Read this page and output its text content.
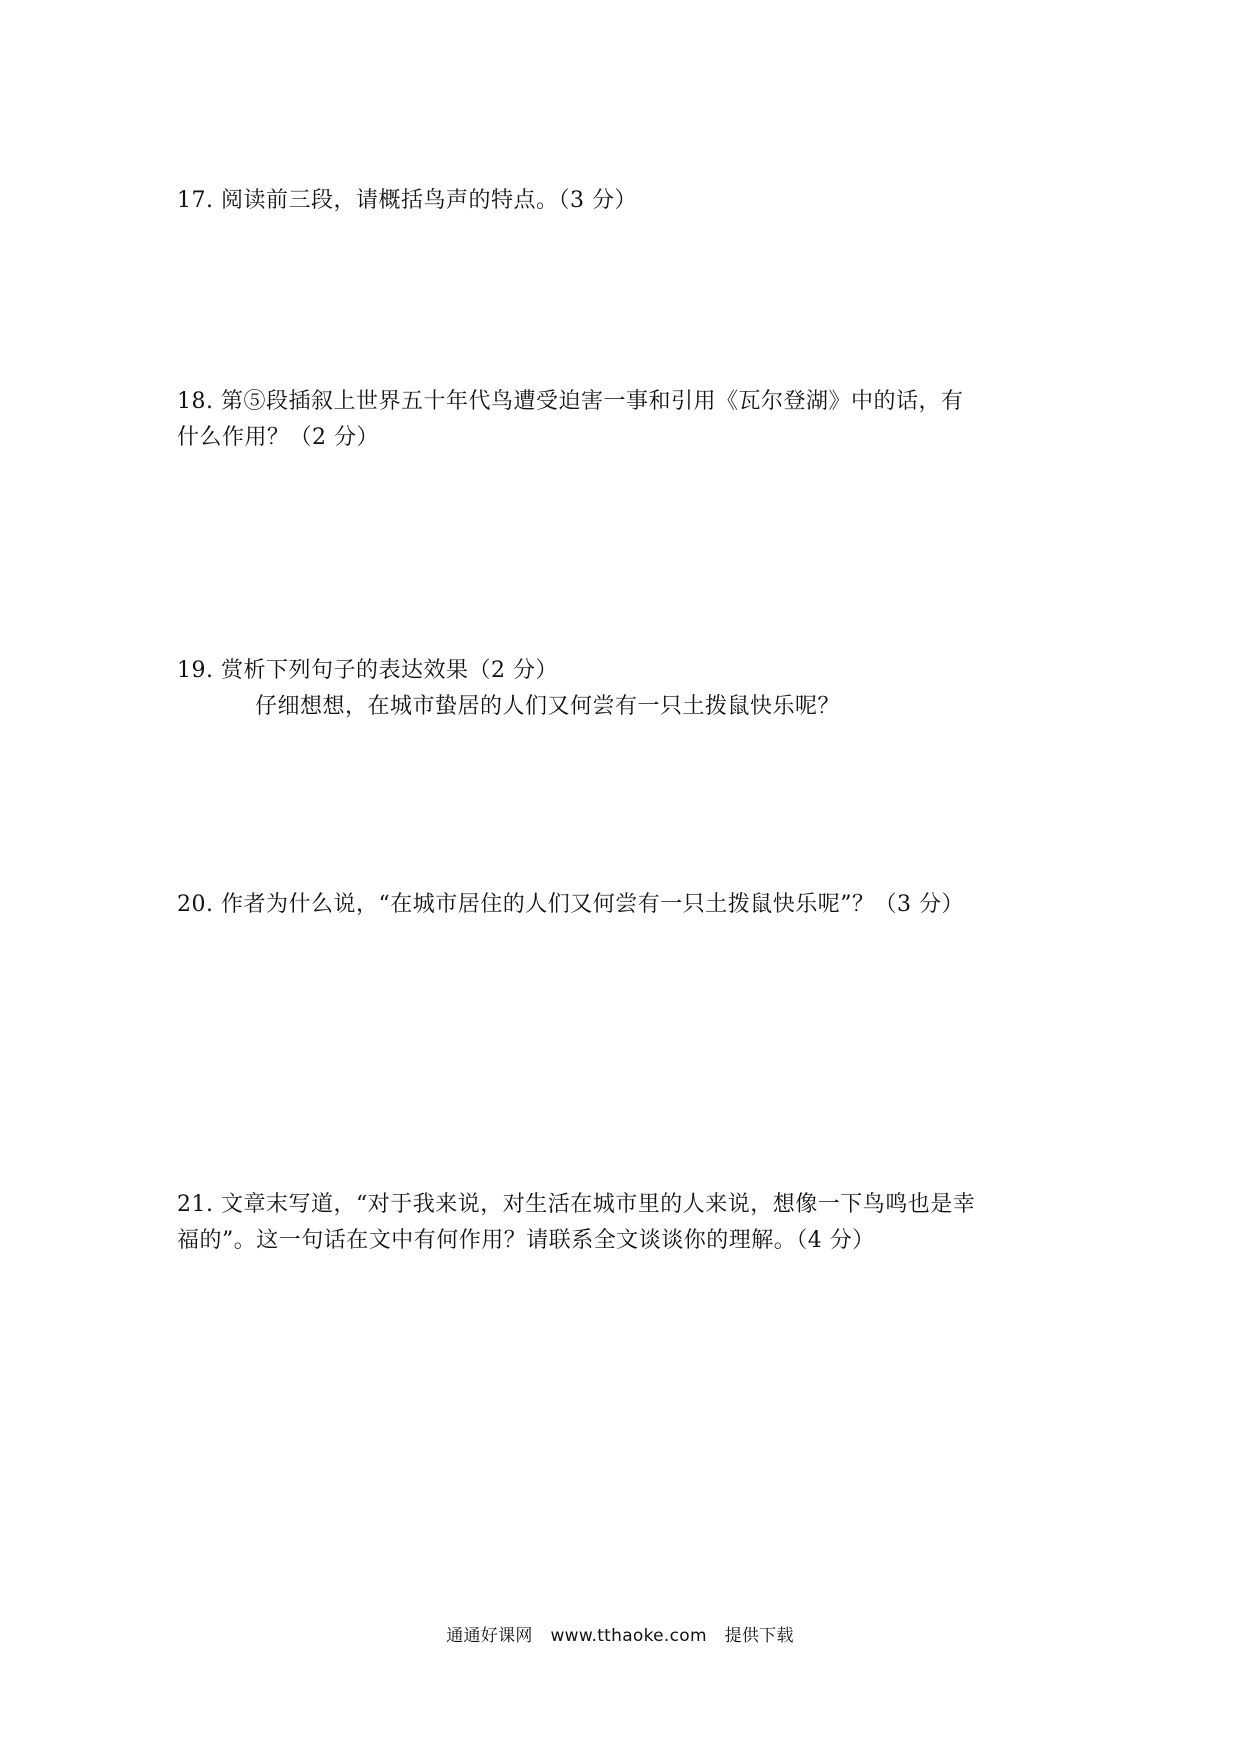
17. 阅读前三段，请概括鸟声的特点。（3 分）
18. 第⑤段插叙上世界五十年代鸟遭受迫害一事和引用《瓦尔登湖》中的话，有
什么作用？（2 分）
19. 赏析下列句子的表达效果（2 分）
仔细想想，在城市蛰居的人们又何尝有一只土拨鼠快乐呢？
20. 作者为什么说，“在城市居住的人们又何尝有一只土拨鼠快乐呢”？（3 分）
21. 文章末写道，“对于我来说，对生活在城市里的人来说，想像一下鸟鸣也是幸
福的”。这一句话在文中有何作用？请联系全文谈谈你的理解。（4 分）
通通好课网 www.tthaoke.com 提供下载
